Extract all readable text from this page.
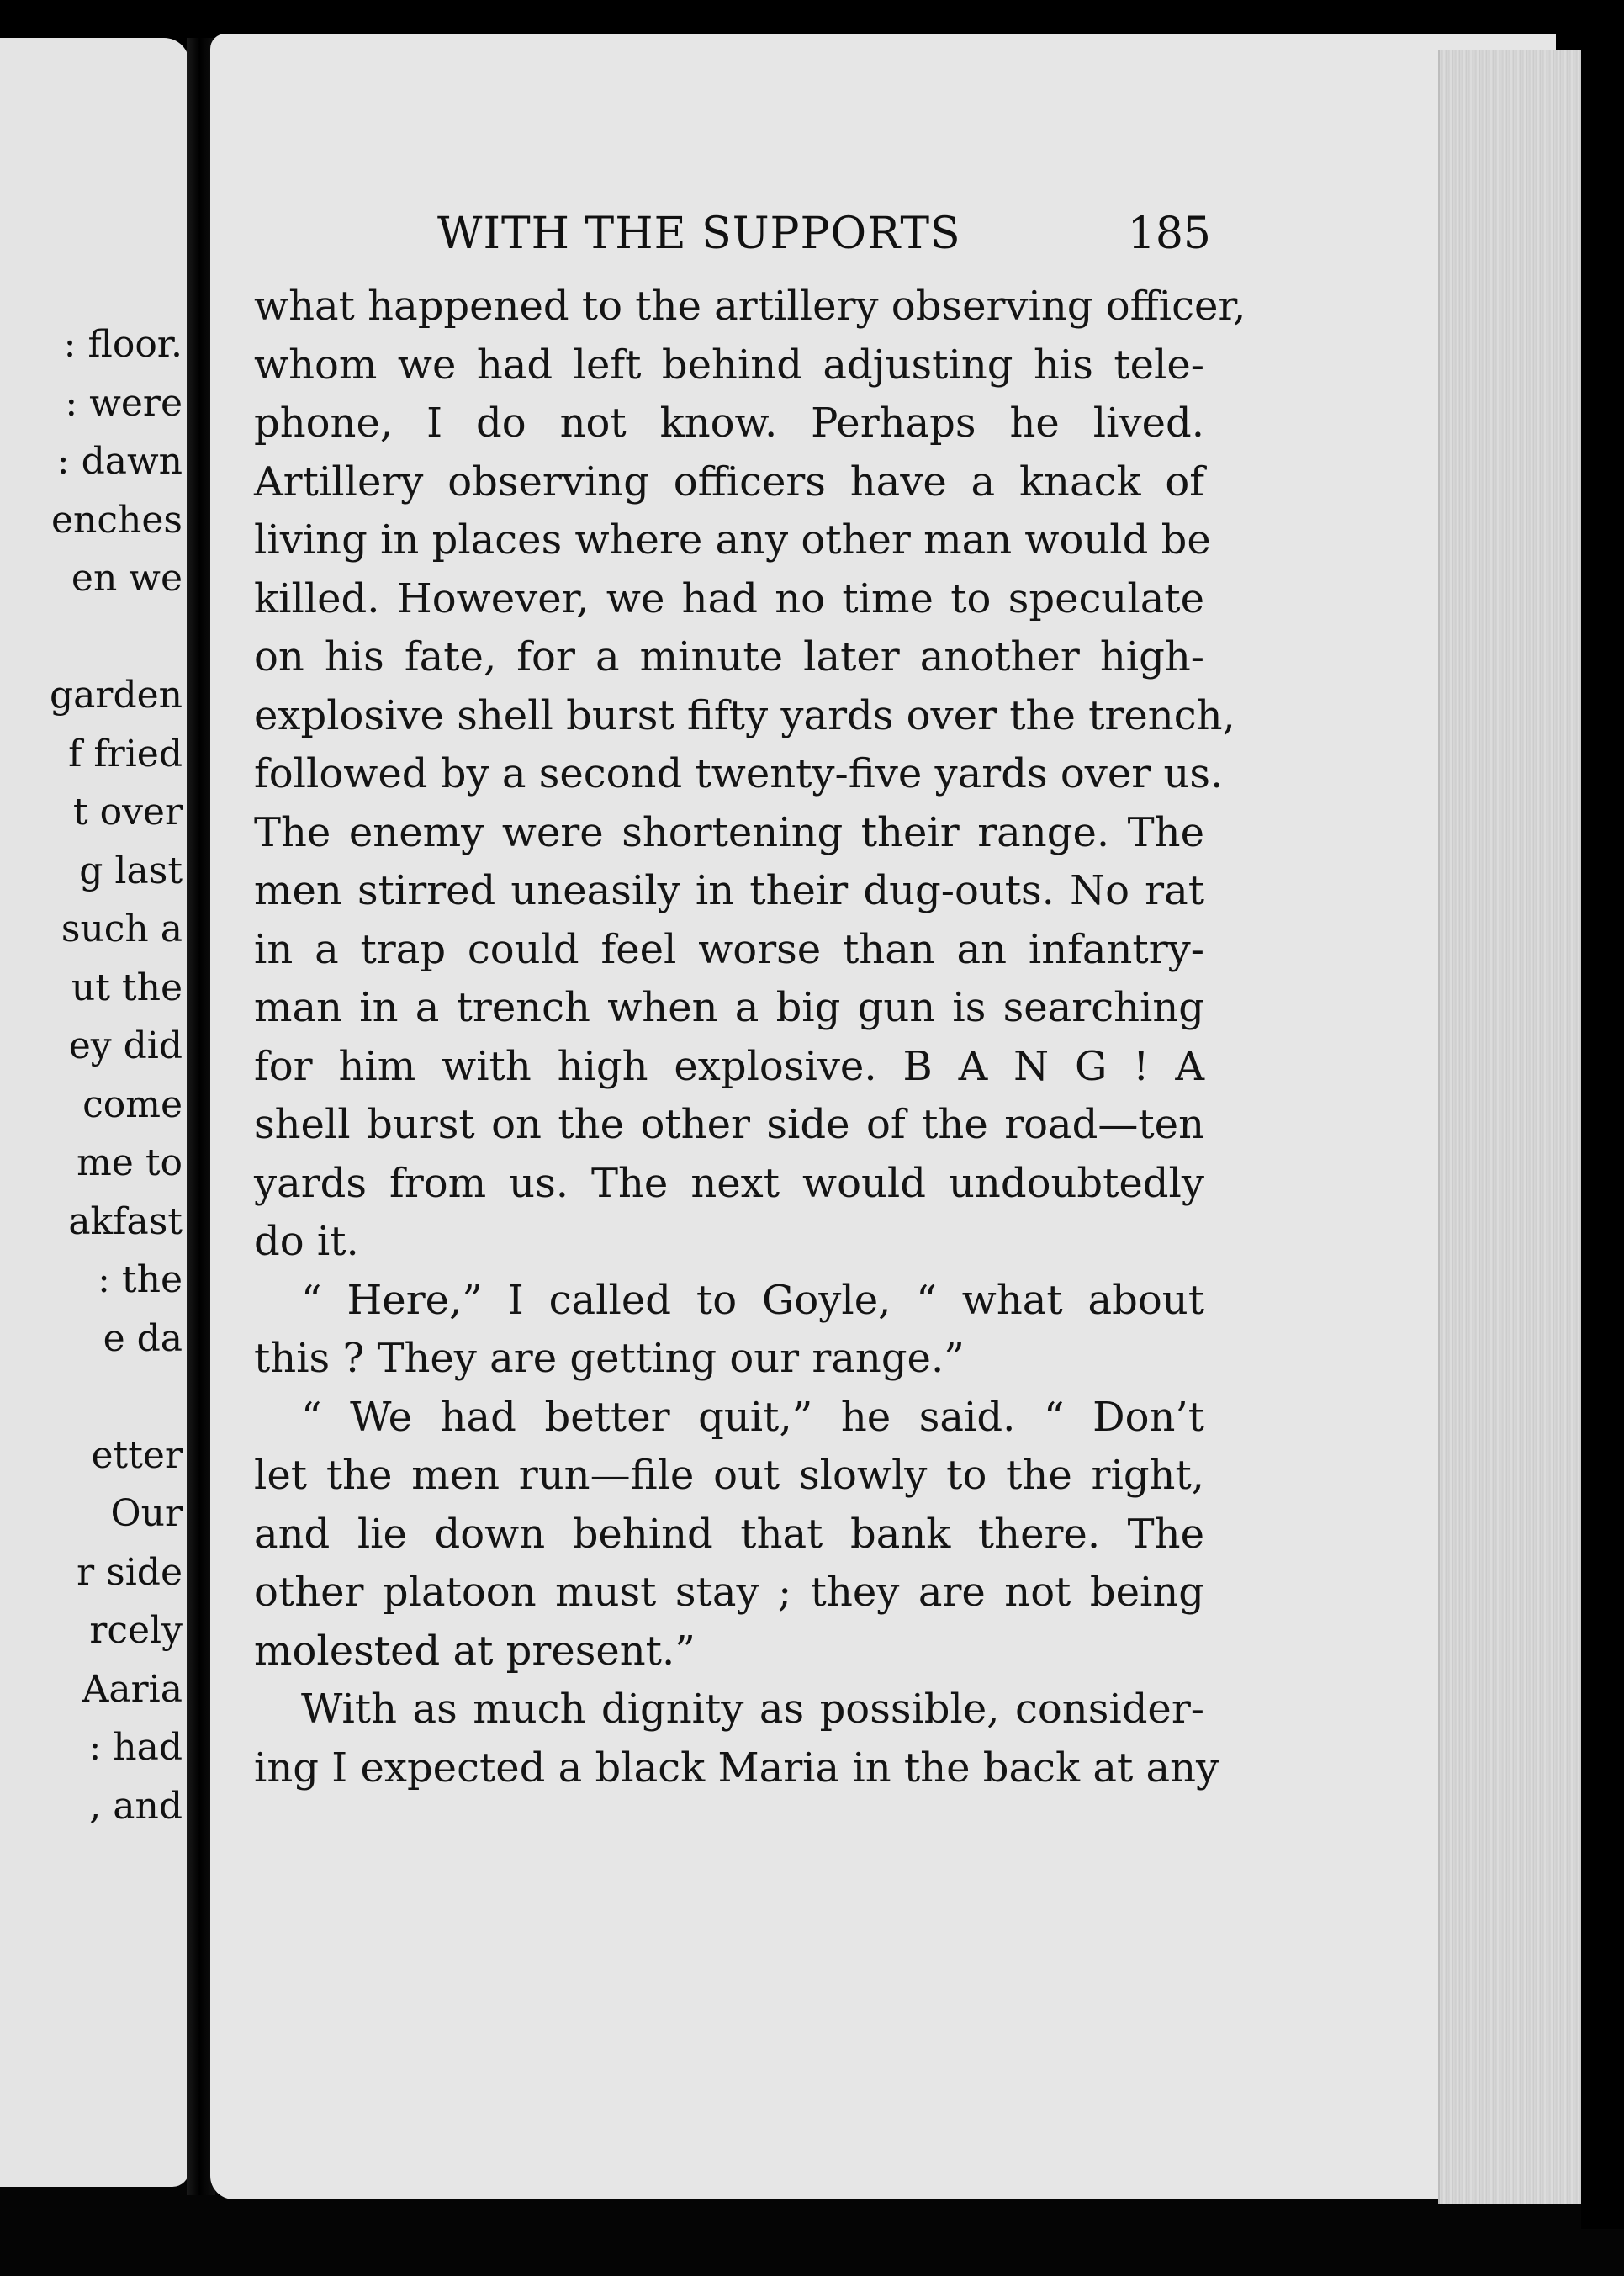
: floor.
: were
: dawn
enches
en we
garden
f fried
t over
g last
such a
ut the
ey did
come
me to
akfast
: the
e da
etter
Our
r side
rcely
Aaria
: had
, and
WITH THE SUPPORTS	185
what happened to the artillery observing officer,
whom we had left behind adjusting his tele-
phone, I do not know. Perhaps he lived.
Artillery observing officers have a knack of
living in places where any other man would be
killed. However, we had no time to speculate
on his fate, for a minute later another high-
explosive shell burst fifty yards over the trench,
followed by a second twenty-five yards over us.
The enemy were shortening their range. The
men stirred uneasily in their dug-outs. No rat
in a trap could feel worse than an infantry-
man in a trench when a big gun is searching
for him with high explosive. B A N G ! A
shell burst on the other side of the road—ten
yards from us. The next would undoubtedly
do it.
“ Here,” I called to Goyle, “ what about
this ? They are getting our range.”
“ We had better quit,” he said. “ Don’t
let the men run—file out slowly to the right,
and lie down behind that bank there. The
other platoon must stay ; they are not being
molested at present.”
With as much dignity as possible, consider-
ing I expected a black Maria in the back at any
